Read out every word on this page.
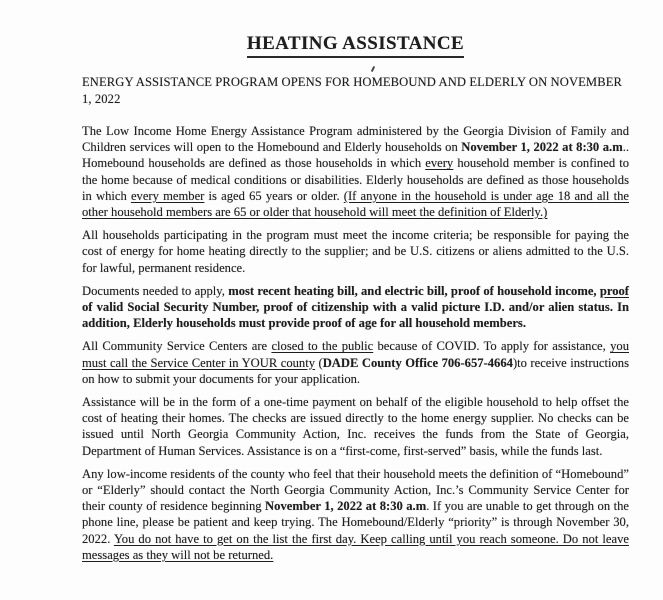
HEATING ASSISTANCE
ENERGY ASSISTANCE PROGRAM OPENS FOR HOMEBOUND AND ELDERLY ON NOVEMBER 1, 2022

The Low Income Home Energy Assistance Program administered by the Georgia Division of Family and Children services will open to the Homebound and Elderly households on November 1, 2022 at 8:30 a.m.. Homebound households are defined as those households in which every household member is confined to the home because of medical conditions or disabilities. Elderly households are defined as those households in which every member is aged 65 years or older. (If anyone in the household is under age 18 and all the other household members are 65 or older that household will meet the definition of Elderly.)

All households participating in the program must meet the income criteria; be responsible for paying the cost of energy for home heating directly to the supplier; and be U.S. citizens or aliens admitted to the U.S. for lawful, permanent residence.

Documents needed to apply, most recent heating bill, and electric bill, proof of household income, proof of valid Social Security Number, proof of citizenship with a valid picture I.D. and/or alien status. In addition, Elderly households must provide proof of age for all household members.

All Community Service Centers are closed to the public because of COVID. To apply for assistance, you must call the Service Center in YOUR county (DADE County Office 706-657-4664)to receive instructions on how to submit your documents for your application.

Assistance will be in the form of a one-time payment on behalf of the eligible household to help offset the cost of heating their homes. The checks are issued directly to the home energy supplier. No checks can be issued until North Georgia Community Action, Inc. receives the funds from the State of Georgia, Department of Human Services. Assistance is on a “first-come, first-served” basis, while the funds last.

Any low-income residents of the county who feel that their household meets the definition of “Homebound” or “Elderly” should contact the North Georgia Community Action, Inc.’s Community Service Center for their county of residence beginning November 1, 2022 at 8:30 a.m. If you are unable to get through on the phone line, please be patient and keep trying. The Homebound/Elderly “priority” is through November 30, 2022. You do not have to get on the list the first day. Keep calling until you reach someone. Do not leave messages as they will not be returned.
